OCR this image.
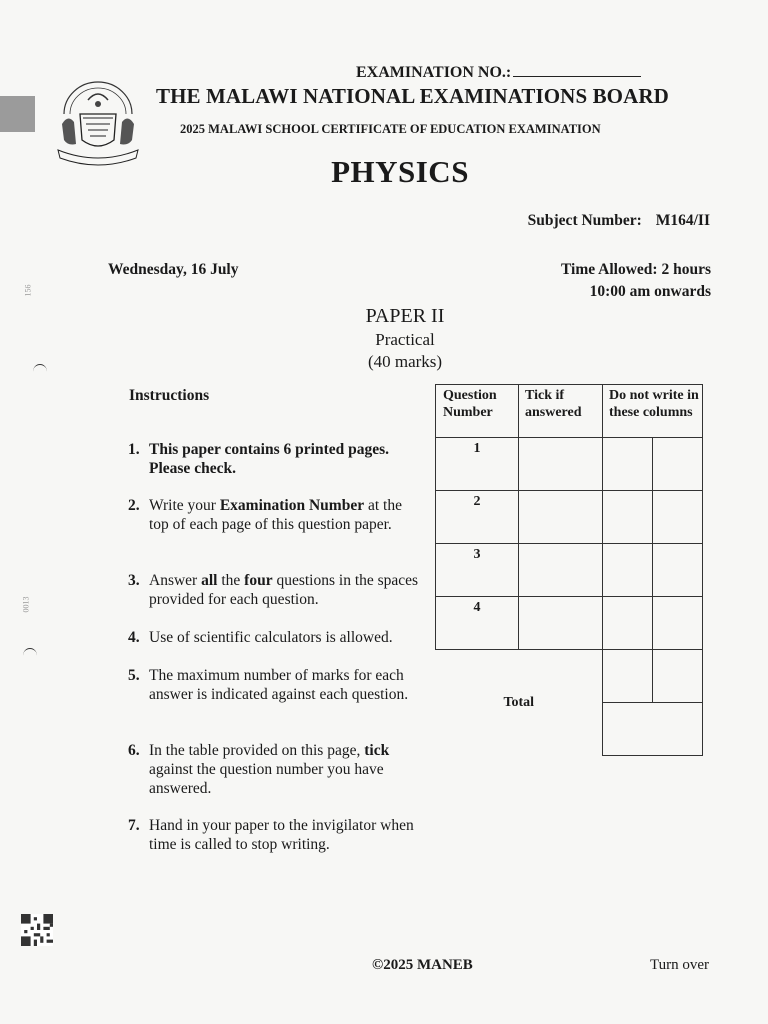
156
0013
EXAMINATION NO.:
THE MALAWI NATIONAL EXAMINATIONS BOARD
2025 MALAWI SCHOOL CERTIFICATE OF EDUCATION EXAMINATION
PHYSICS
Subject Number: M164/II
Wednesday, 16 July	Time Allowed: 2 hours
10:00 am onwards
PAPER II
Practical
(40 marks)
Instructions
1. This paper contains 6 printed pages. Please check.
2. Write your Examination Number at the top of each page of this question paper.
3. Answer all the four questions in the spaces provided for each question.
4. Use of scientific calculators is allowed.
5. The maximum number of marks for each answer is indicated against each question.
6. In the table provided on this page, tick against the question number you have answered.
7. Hand in your paper to the invigilator when time is called to stop writing.
Question Number	Tick if answered	Do not write in these columns	
1			
2			
3			
4			
Total			

©2025 MANEB	Turn over
